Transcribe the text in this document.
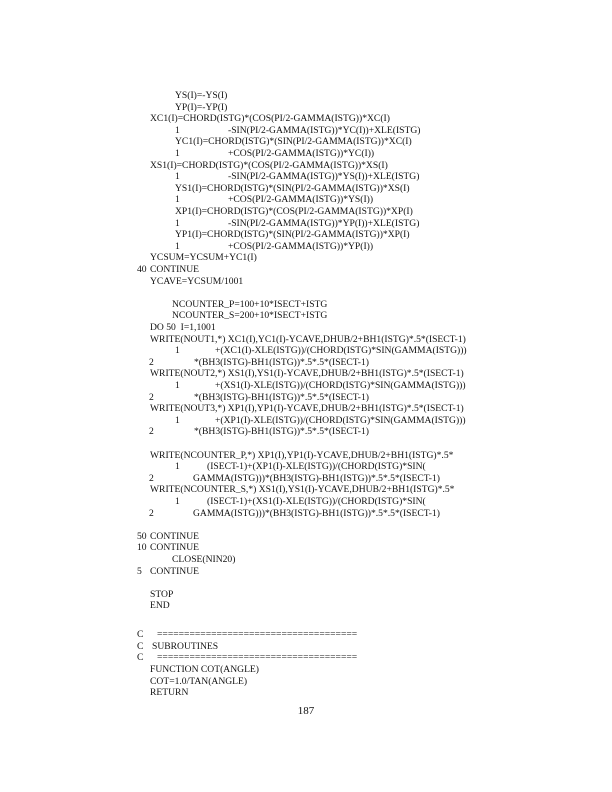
YS(I)=-YS(I)
YP(I)=-YP(I)
XC1(I)=CHORD(ISTG)*(COS(PI/2-GAMMA(ISTG))*XC(I)
1	-SIN(PI/2-GAMMA(ISTG))*YC(I))+XLE(ISTG)
YC1(I)=CHORD(ISTG)*(SIN(PI/2-GAMMA(ISTG))*XC(I)
1	+COS(PI/2-GAMMA(ISTG))*YC(I))
XS1(I)=CHORD(ISTG)*(COS(PI/2-GAMMA(ISTG))*XS(I)
1	-SIN(PI/2-GAMMA(ISTG))*YS(I))+XLE(ISTG)
YS1(I)=CHORD(ISTG)*(SIN(PI/2-GAMMA(ISTG))*XS(I)
1	+COS(PI/2-GAMMA(ISTG))*YS(I))
XP1(I)=CHORD(ISTG)*(COS(PI/2-GAMMA(ISTG))*XP(I)
1	-SIN(PI/2-GAMMA(ISTG))*YP(I))+XLE(ISTG)
YP1(I)=CHORD(ISTG)*(SIN(PI/2-GAMMA(ISTG))*XP(I)
1	+COS(PI/2-GAMMA(ISTG))*YP(I))
YCSUM=YCSUM+YC1(I)
40 CONTINUE
YCAVE=YCSUM/1001
NCOUNTER_P=100+10*ISECT+ISTG
NCOUNTER_S=200+10*ISECT+ISTG
DO 50  I=1,1001
WRITE(NOUT1,*) XC1(I),YC1(I)-YCAVE,DHUB/2+BH1(ISTG)*.5*(ISECT-1)
1	+(XC1(I)-XLE(ISTG))/(CHORD(ISTG)*SIN(GAMMA(ISTG)))
2	*(BH3(ISTG)-BH1(ISTG))*.5*.5*(ISECT-1)
WRITE(NOUT2,*) XS1(I),YS1(I)-YCAVE,DHUB/2+BH1(ISTG)*.5*(ISECT-1)
1	+(XS1(I)-XLE(ISTG))/(CHORD(ISTG)*SIN(GAMMA(ISTG)))
2	*(BH3(ISTG)-BH1(ISTG))*.5*.5*(ISECT-1)
WRITE(NOUT3,*) XP1(I),YP1(I)-YCAVE,DHUB/2+BH1(ISTG)*.5*(ISECT-1)
1	+(XP1(I)-XLE(ISTG))/(CHORD(ISTG)*SIN(GAMMA(ISTG)))
2	*(BH3(ISTG)-BH1(ISTG))*.5*.5*(ISECT-1)
WRITE(NCOUNTER_P,*) XP1(I),YP1(I)-YCAVE,DHUB/2+BH1(ISTG)*.5*
1	(ISECT-1)+(XP1(I)-XLE(ISTG))/(CHORD(ISTG)*SIN(
2	GAMMA(ISTG)))*(BH3(ISTG)-BH1(ISTG))*.5*.5*(ISECT-1)
WRITE(NCOUNTER_S,*) XS1(I),YS1(I)-YCAVE,DHUB/2+BH1(ISTG)*.5*
1	(ISECT-1)+(XS1(I)-XLE(ISTG))/(CHORD(ISTG)*SIN(
2	GAMMA(ISTG)))*(BH3(ISTG)-BH1(ISTG))*.5*.5*(ISECT-1)
50 CONTINUE
10 CONTINUE
CLOSE(NIN20)
5 CONTINUE
STOP
END
C =====================================
C SUBROUTINES
C =====================================
FUNCTION COT(ANGLE)
COT=1.0/TAN(ANGLE)
RETURN
187
